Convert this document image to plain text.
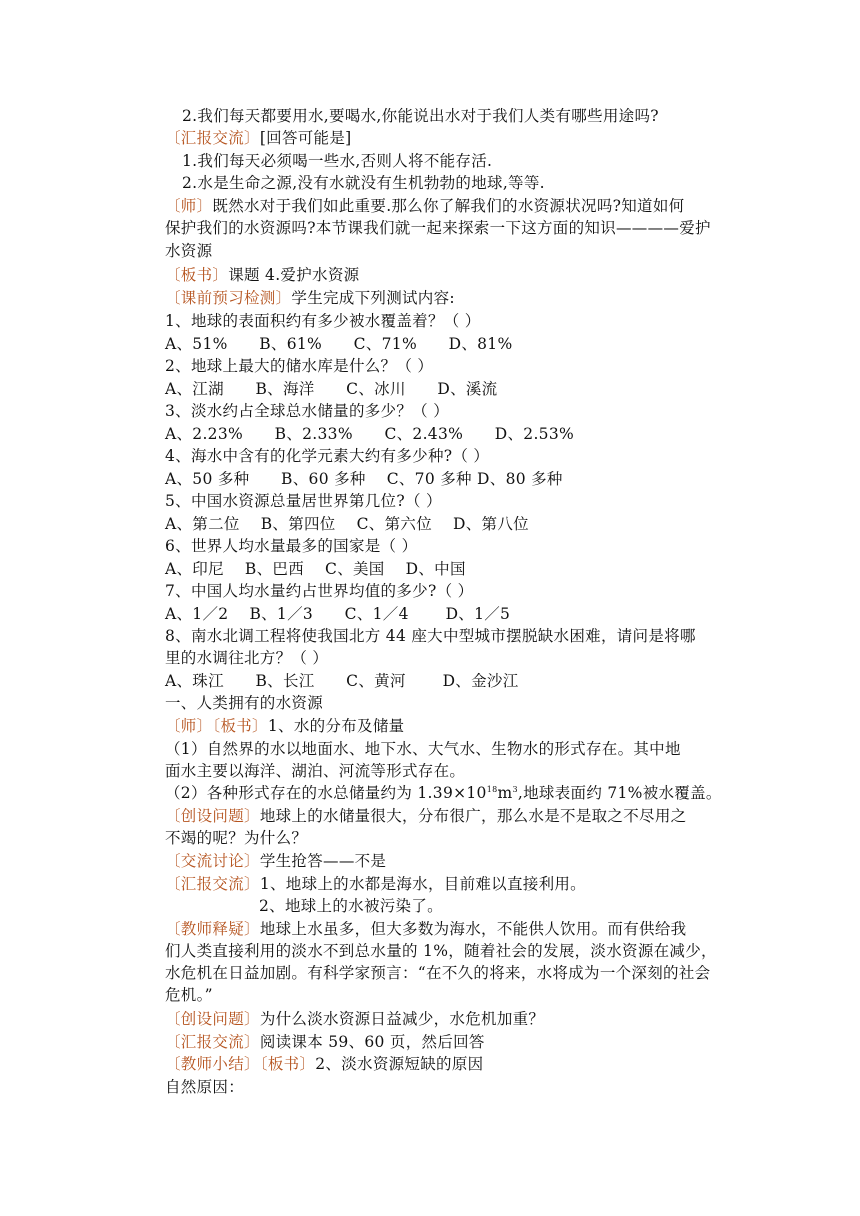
2.我们每天都要用水,要喝水,你能说出水对于我们人类有哪些用途吗?
〔汇报交流〕[回答可能是]
1.我们每天必须喝一些水,否则人将不能存活.
2.水是生命之源,没有水就没有生机勃勃的地球,等等.
〔师〕既然水对于我们如此重要.那么你了解我们的水资源状况吗?知道如何
保护我们的水资源吗?本节课我们就一起来探索一下这方面的知识————爱护
水资源
〔板书〕课题 4.爱护水资源
〔课前预习检测〕学生完成下列测试内容:
1、地球的表面积约有多少被水覆盖着？（ ）
A、51%　　B、61%　　C、71%　　D、81%
2、地球上最大的储水库是什么？（ ）
A、江湖　　B、海洋　　C、冰川　　D、溪流
3、淡水约占全球总水储量的多少？（ ）
A、2.23%　　B、2.33%　　C、2.43%　　D、2.53%
4、海水中含有的化学元素大约有多少种?（ ）
A、50 多种　　B、60 多种　 C、70 多种 D、80 多种
5、中国水资源总量居世界第几位?（ ）
A、第二位　 B、第四位　 C、第六位　 D、第八位
6、世界人均水量最多的国家是（ ）
A、印尼　 B、巴西　 C、美国　 D、中国
7、中国人均水量约占世界均值的多少?（ ）
A、1／2　 B、1／3　　C、1／4　　 D、1／5
8、南水北调工程将使我国北方 44 座大中型城市摆脱缺水困难，请问是将哪
里的水调往北方？（ ）
A、珠江　　B、长江　　C、黄河　　 D、金沙江
一、人类拥有的水资源
〔师〕〔板书〕1、水的分布及储量
（1）自然界的水以地面水、地下水、大气水、生物水的形式存在。其中地
面水主要以海洋、湖泊、河流等形式存在。
（2）各种形式存在的水总储量约为 $1.39\times 10^{18}m^3$,地球表面约 71%被水覆盖。
〔创设问题〕地球上的水储量很大，分布很广，那么水是不是取之不尽用之
不竭的呢？为什么？
〔交流讨论〕学生抢答——不是
〔汇报交流〕1、地球上的水都是海水，目前难以直接利用。
2、地球上的水被污染了。
〔教师释疑〕地球上水虽多，但大多数为海水，不能供人饮用。而有供给我
们人类直接利用的淡水不到总水量的 1%，随着社会的发展，淡水资源在减少，
水危机在日益加剧。有科学家预言：“在不久的将来，水将成为一个深刻的社会
危机。”
〔创设问题〕为什么淡水资源日益减少，水危机加重？
〔汇报交流〕阅读课本 59、60 页，然后回答
〔教师小结〕〔板书〕2、淡水资源短缺的原因
自然原因：
